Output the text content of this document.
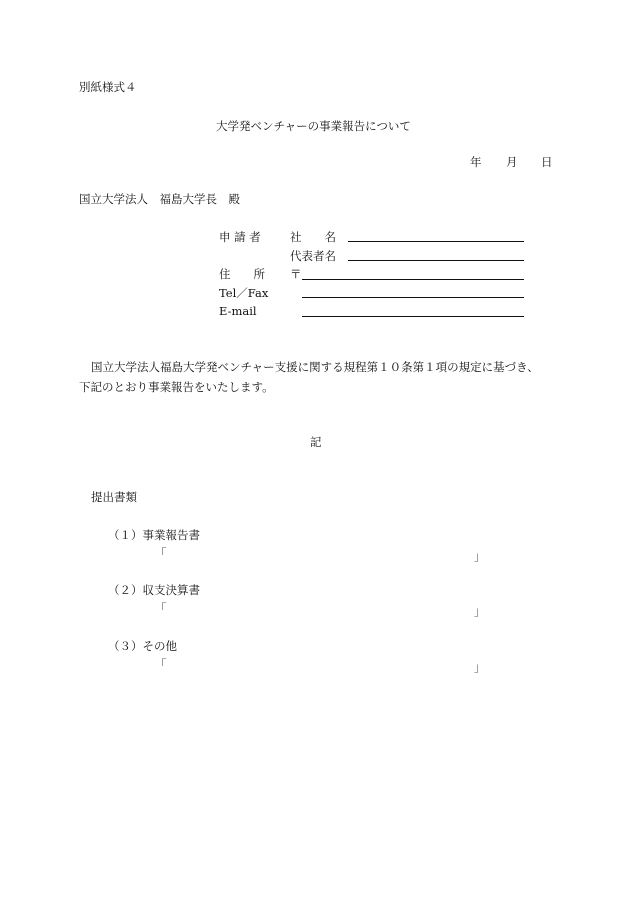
別紙様式４
大学発ベンチャーの事業報告について
年 月 日
国立大学法人　福島大学長　殿
申 請 者	社　　名
代表者名
住　　所 〒
Tel／Fax
E-mail
国立大学法人福島大学発ベンチャー支援に関する規程第１０条第１項の規定に基づき、
下記のとおり事業報告をいたします。
記
提出書類
（１）事業報告書
「	」
（２）収支決算書
「	」
（３）その他
「	」
